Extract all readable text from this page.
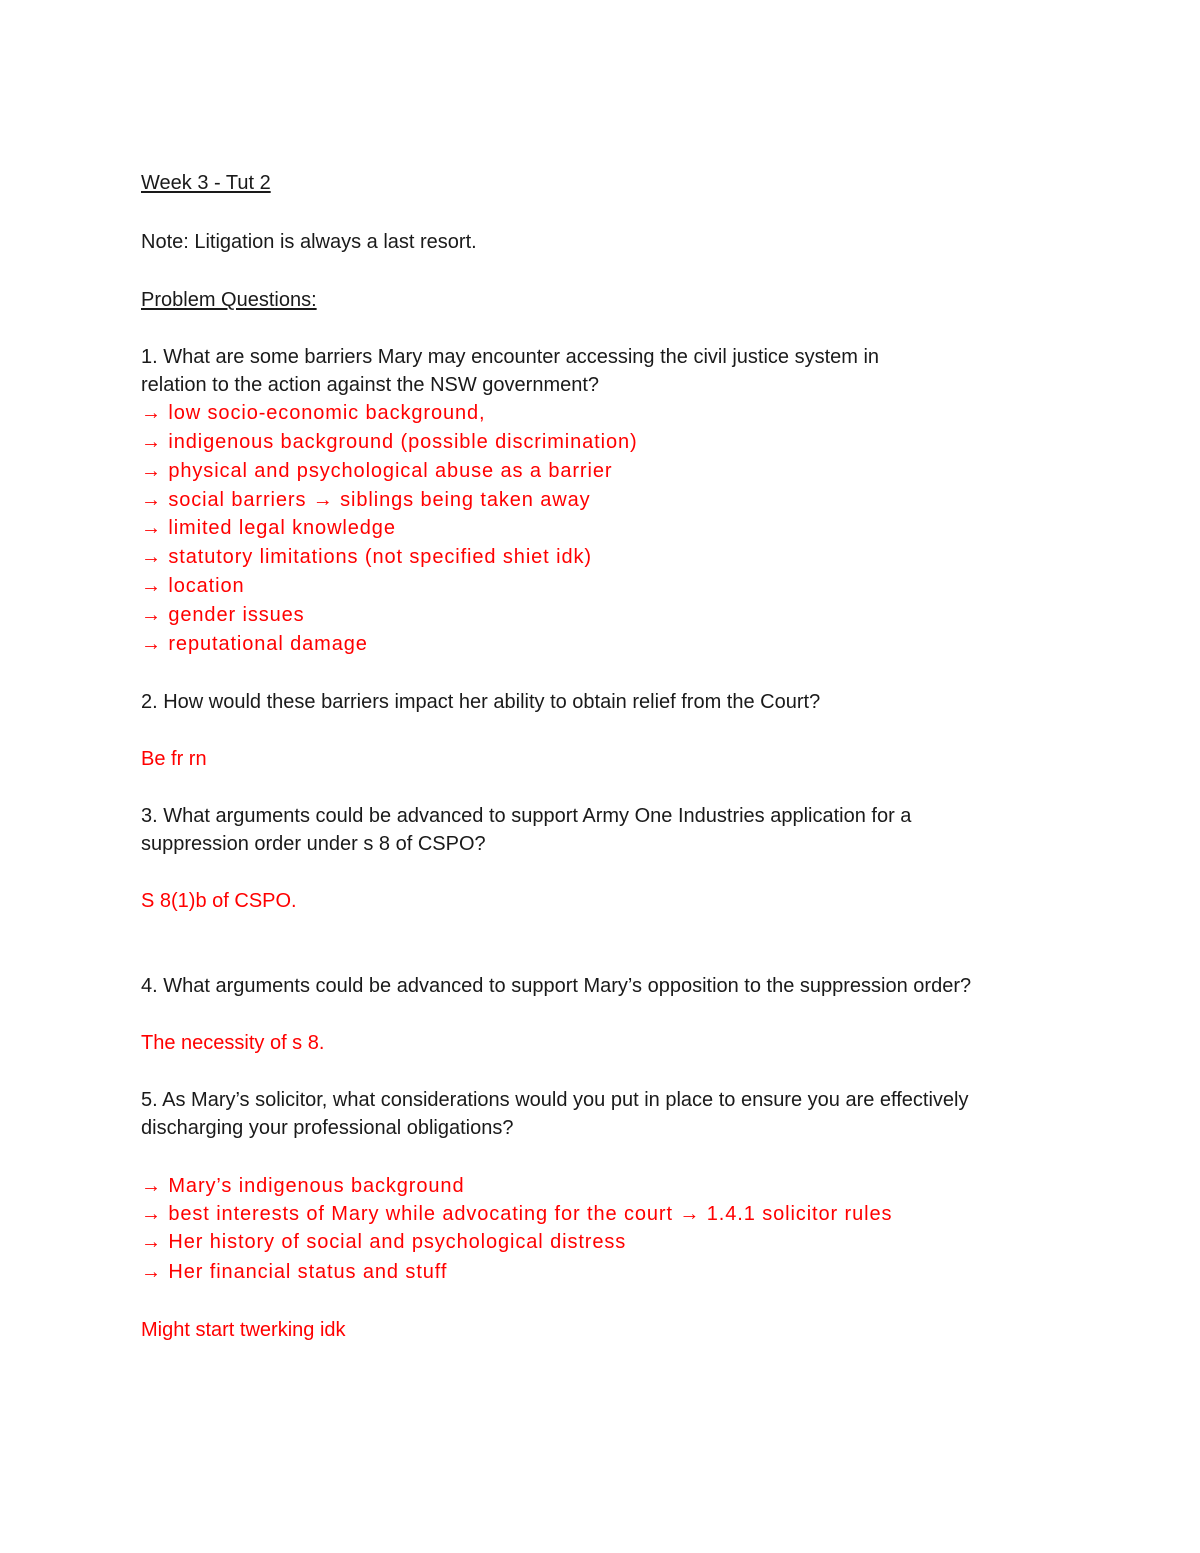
Week 3 - Tut 2
Note: Litigation is always a last resort.
Problem Questions:
1. What are some barriers Mary may encounter accessing the civil justice system in
relation to the action against the NSW government?
→ low socio-economic background,
→ indigenous background (possible discrimination)
→ physical and psychological abuse as a barrier
→ social barriers → siblings being taken away
→ limited legal knowledge
→ statutory limitations (not specified shiet idk)
→ location
→ gender issues
→ reputational damage
2. How would these barriers impact her ability to obtain relief from the Court?
Be fr rn
3. What arguments could be advanced to support Army One Industries application for a
suppression order under s 8 of CSPO?
S 8(1)b of CSPO.
4. What arguments could be advanced to support Mary’s opposition to the suppression order?
The necessity of s 8.
5. As Mary’s solicitor, what considerations would you put in place to ensure you are effectively
discharging your professional obligations?
→ Mary’s indigenous background
→ best interests of Mary while advocating for the court → 1.4.1 solicitor rules
→ Her history of social and psychological distress
→ Her financial status and stuff
Might start twerking idk
